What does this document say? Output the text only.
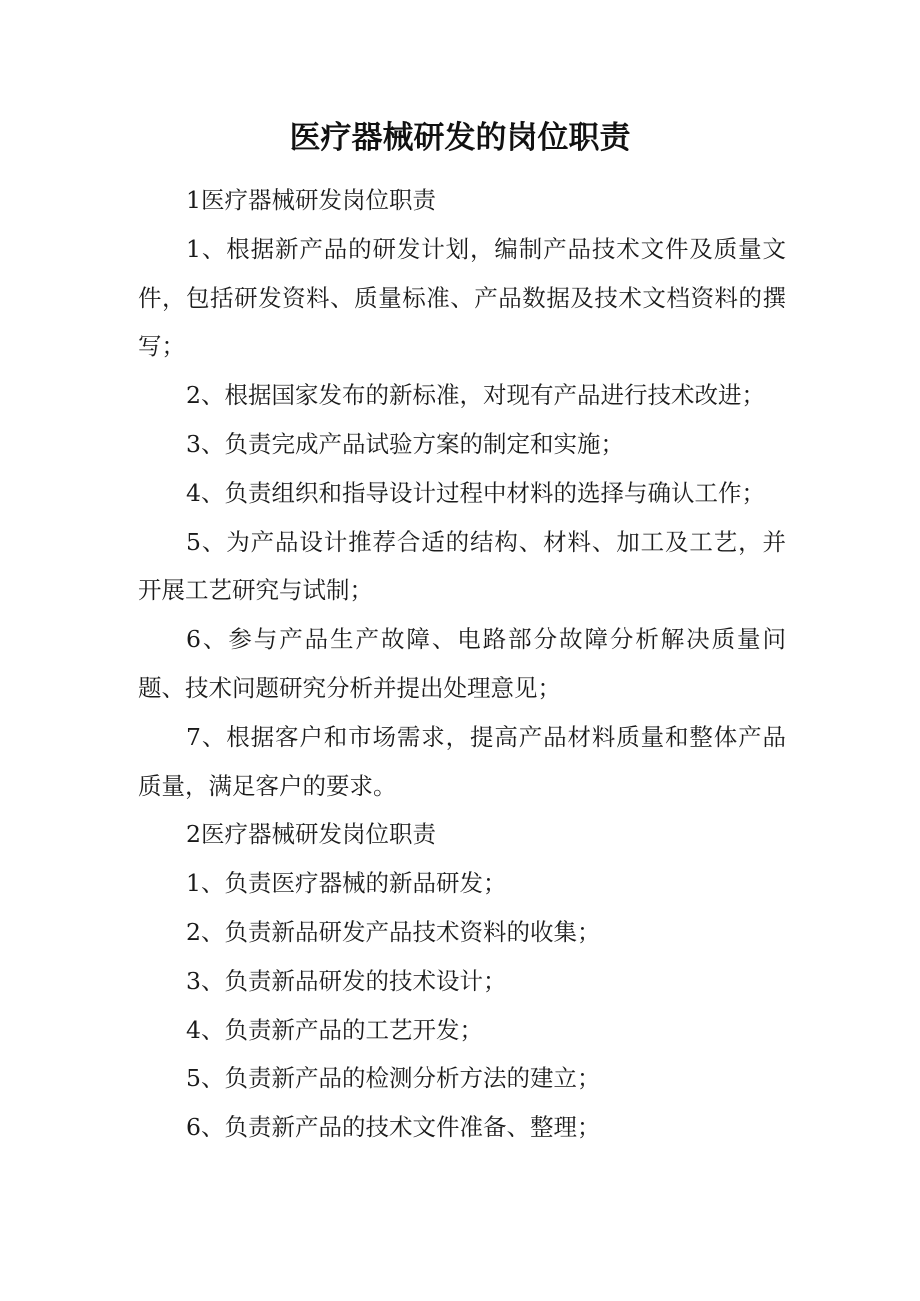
医疗器械研发的岗位职责

1医疗器械研发岗位职责

1、根据新产品的研发计划，编制产品技术文件及质量文件，包括研发资料、质量标准、产品数据及技术文档资料的撰写；

2、根据国家发布的新标准，对现有产品进行技术改进；

3、负责完成产品试验方案的制定和实施；

4、负责组织和指导设计过程中材料的选择与确认工作；

5、为产品设计推荐合适的结构、材料、加工及工艺，并开展工艺研究与试制；

6、参与产品生产故障、电路部分故障分析解决质量问题、技术问题研究分析并提出处理意见；

7、根据客户和市场需求，提高产品材料质量和整体产品质量，满足客户的要求。

2医疗器械研发岗位职责

1、负责医疗器械的新品研发；

2、负责新品研发产品技术资料的收集；

3、负责新品研发的技术设计；

4、负责新产品的工艺开发；

5、负责新产品的检测分析方法的建立；

6、负责新产品的技术文件准备、整理；
